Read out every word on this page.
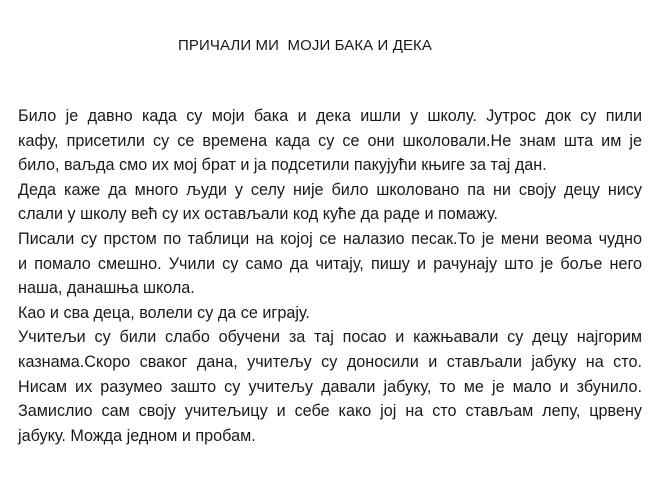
ПРИЧАЛИ МИ  МОЈИ БАКА И ДЕКА
Било је давно када су моји бака и дека ишли у школу. Јутрос док су пили
кафу, присетили су се времена када су се они школовали.Не знам шта им је
било, ваљда смо их мој брат и ја подсетили пакујући књиге за тај дан.
Деда каже да много људи у селу није било школовано па ни своју децу нису
слали у школу већ су их остављали код куће да раде и помажу.
Писали су прстом по таблици на којој се налазио песак.То је мени веома чудно
и помало смешно. Учили су само да читају, пишу и рачунају што је боље него
наша, данашња школа.
Као и сва деца, волели су да се играју.
Учитељи су били слабо обучени за тај посао и кажњавали су децу најгорим
казнама.Скоро сваког дана, учитељу су доносили и стављали јабуку на сто.
Нисам их разумео зашто су учитељу давали јабуку, то ме је мало и збунило.
Замислио сам своју учитељицу и себе како јој на сто стављам лепу, црвену
јабуку. Можда једном и пробам.
